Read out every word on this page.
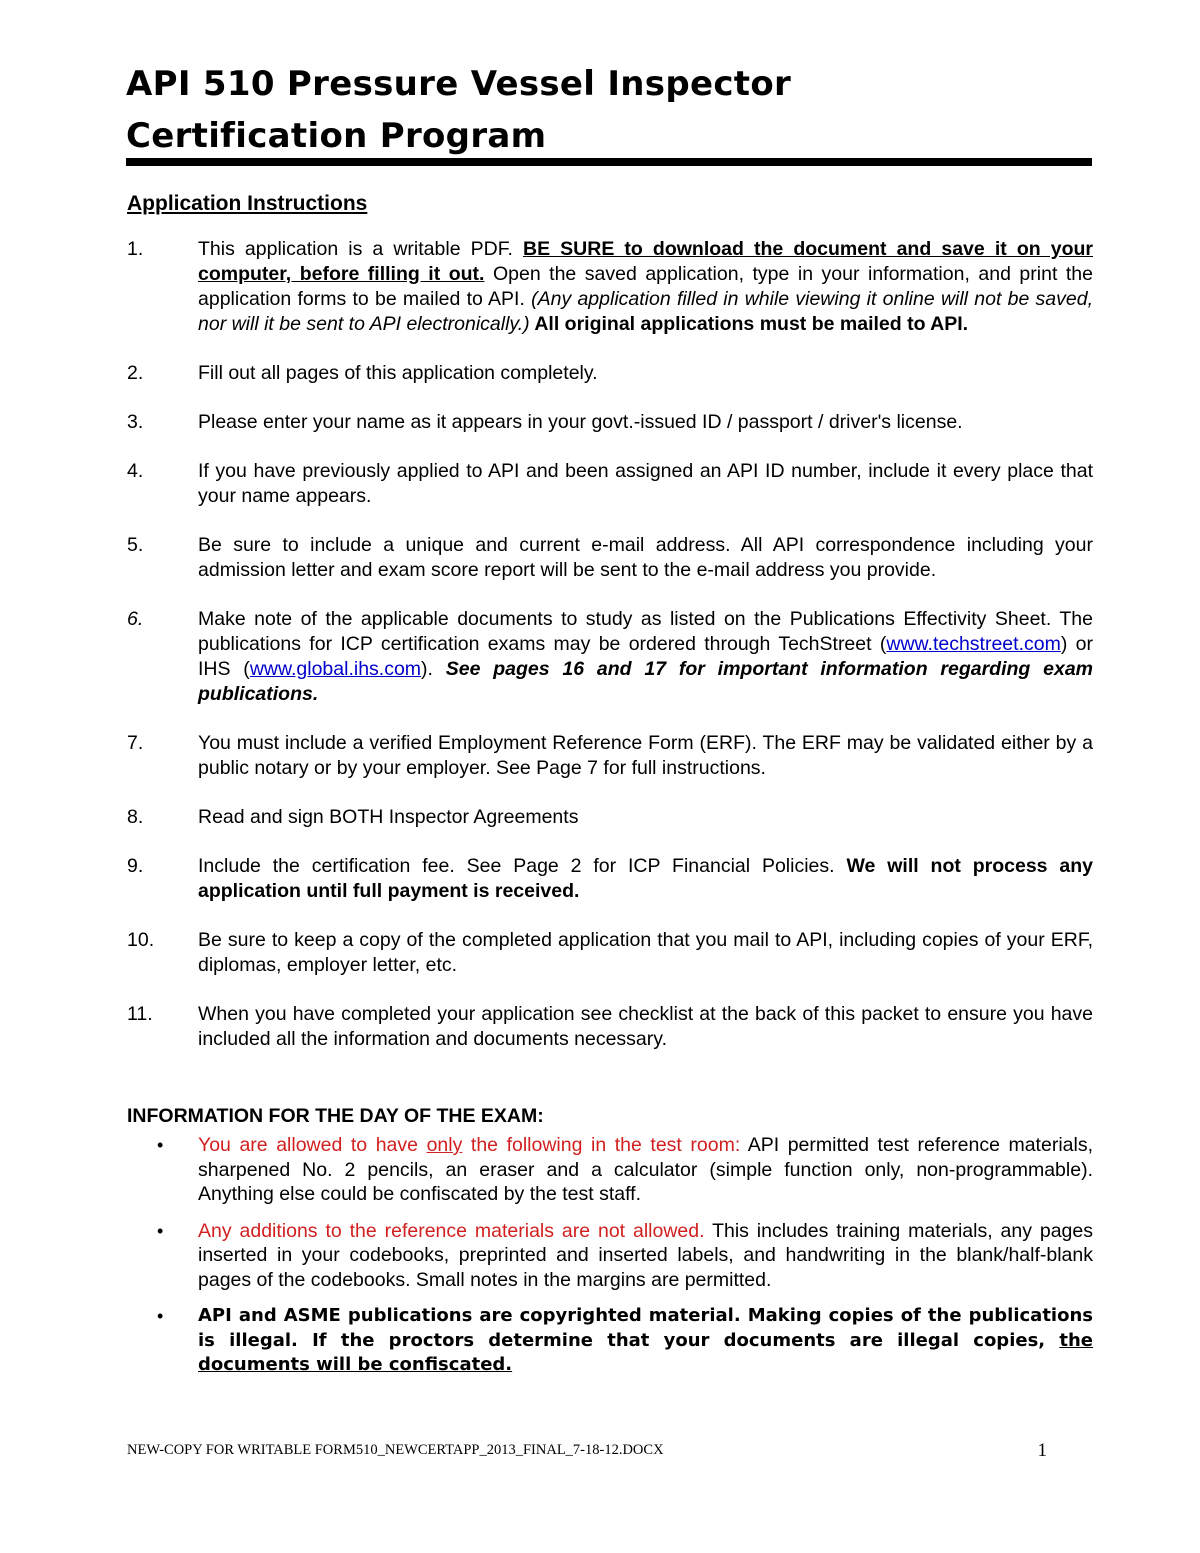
API 510 Pressure Vessel Inspector
Certification Program
Application Instructions
1.	This application is a writable PDF. BE SURE to download the document and save it on your computer, before filling it out. Open the saved application, type in your information, and print the application forms to be mailed to API. (Any application filled in while viewing it online will not be saved, nor will it be sent to API electronically.) All original applications must be mailed to API.
2.	Fill out all pages of this application completely.
3.	Please enter your name as it appears in your govt.-issued ID / passport / driver's license.
4.	If you have previously applied to API and been assigned an API ID number, include it every place that your name appears.
5.	Be sure to include a unique and current e-mail address. All API correspondence including your admission letter and exam score report will be sent to the e-mail address you provide.
6.	Make note of the applicable documents to study as listed on the Publications Effectivity Sheet. The publications for ICP certification exams may be ordered through TechStreet (www.techstreet.com) or IHS (www.global.ihs.com). See pages 16 and 17 for important information regarding exam publications.
7.	You must include a verified Employment Reference Form (ERF). The ERF may be validated either by a public notary or by your employer. See Page 7 for full instructions.
8.	Read and sign BOTH Inspector Agreements
9.	Include the certification fee. See Page 2 for ICP Financial Policies. We will not process any application until full payment is received.
10.	Be sure to keep a copy of the completed application that you mail to API, including copies of your ERF, diplomas, employer letter, etc.
11.	When you have completed your application see checklist at the back of this packet to ensure you have included all the information and documents necessary.
INFORMATION FOR THE DAY OF THE EXAM:
•	You are allowed to have only the following in the test room: API permitted test reference materials, sharpened No. 2 pencils, an eraser and a calculator (simple function only, non-programmable). Anything else could be confiscated by the test staff.
•	Any additions to the reference materials are not allowed. This includes training materials, any pages inserted in your codebooks, preprinted and inserted labels, and handwriting in the blank/half-blank pages of the codebooks. Small notes in the margins are permitted.
•	API and ASME publications are copyrighted material. Making copies of the publications is illegal. If the proctors determine that your documents are illegal copies, the documents will be confiscated.
NEW-COPY FOR WRITABLE FORM510_NEWCERTAPP_2013_FINAL_7-18-12.DOCX	1
